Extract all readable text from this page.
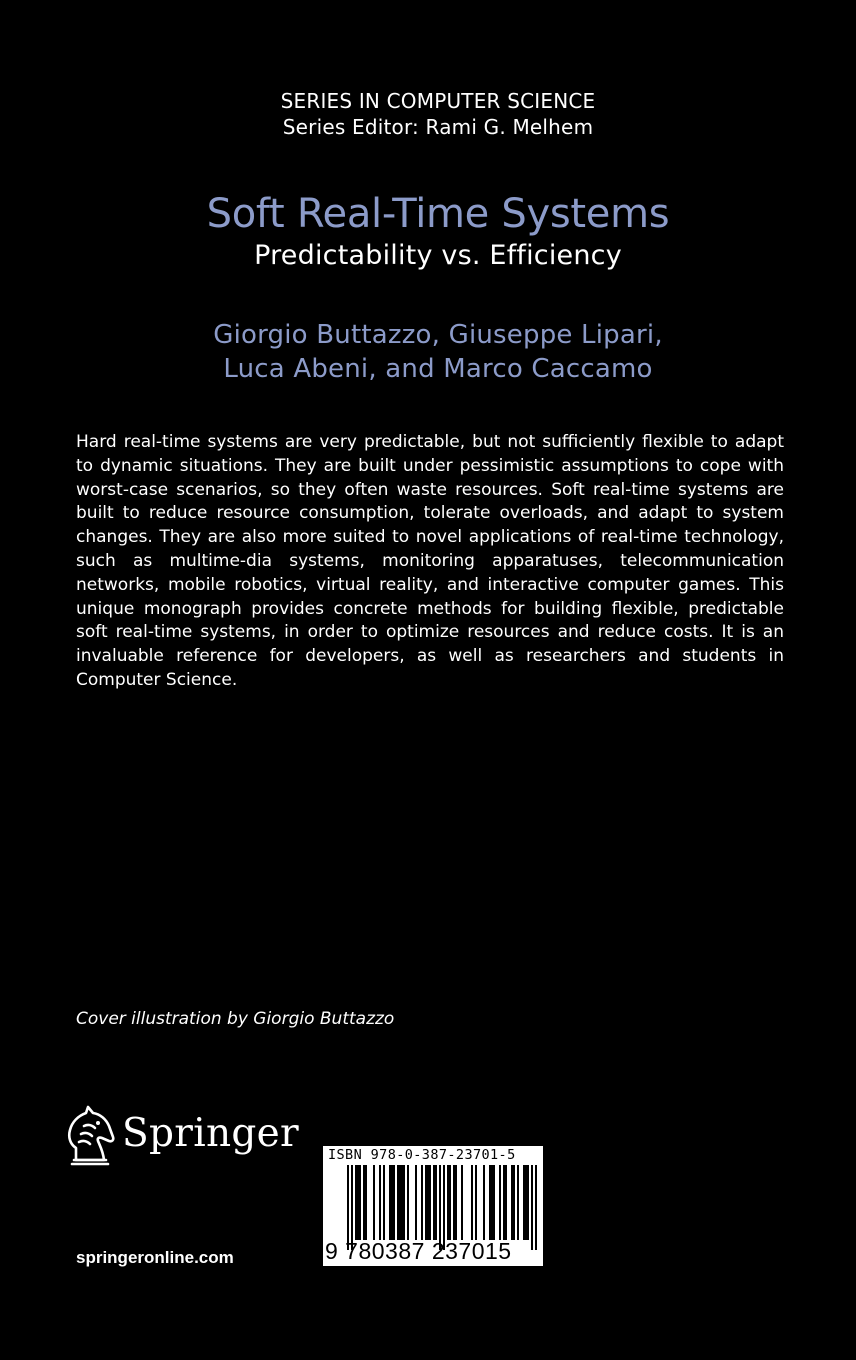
SERIES IN COMPUTER SCIENCE
Series Editor: Rami G. Melhem
Soft Real-Time Systems
Predictability vs. Efficiency
Giorgio Buttazzo, Giuseppe Lipari,
Luca Abeni, and Marco Caccamo

Hard real-time systems are very predictable, but not sufficiently flexible to adapt to dynamic situations. They are built under pessimistic assumptions to cope with worst-case scenarios, so they often waste resources. Soft real-time systems are built to reduce resource consumption, tolerate overloads, and adapt to system changes. They are also more suited to novel applications of real-time technology, such as multime-dia systems, monitoring apparatuses, telecommunication networks, mobile robotics, virtual reality, and interactive computer games. This unique monograph provides concrete methods for building flexible, predictable soft real-time systems, in order to optimize resources and reduce costs. It is an invaluable reference for developers, as well as researchers and students in Computer Science.

Cover illustration by Giorgio Buttazzo
Springer
springeronline.com
ISBN 978-0-387-23701-5
9 780387 237015
